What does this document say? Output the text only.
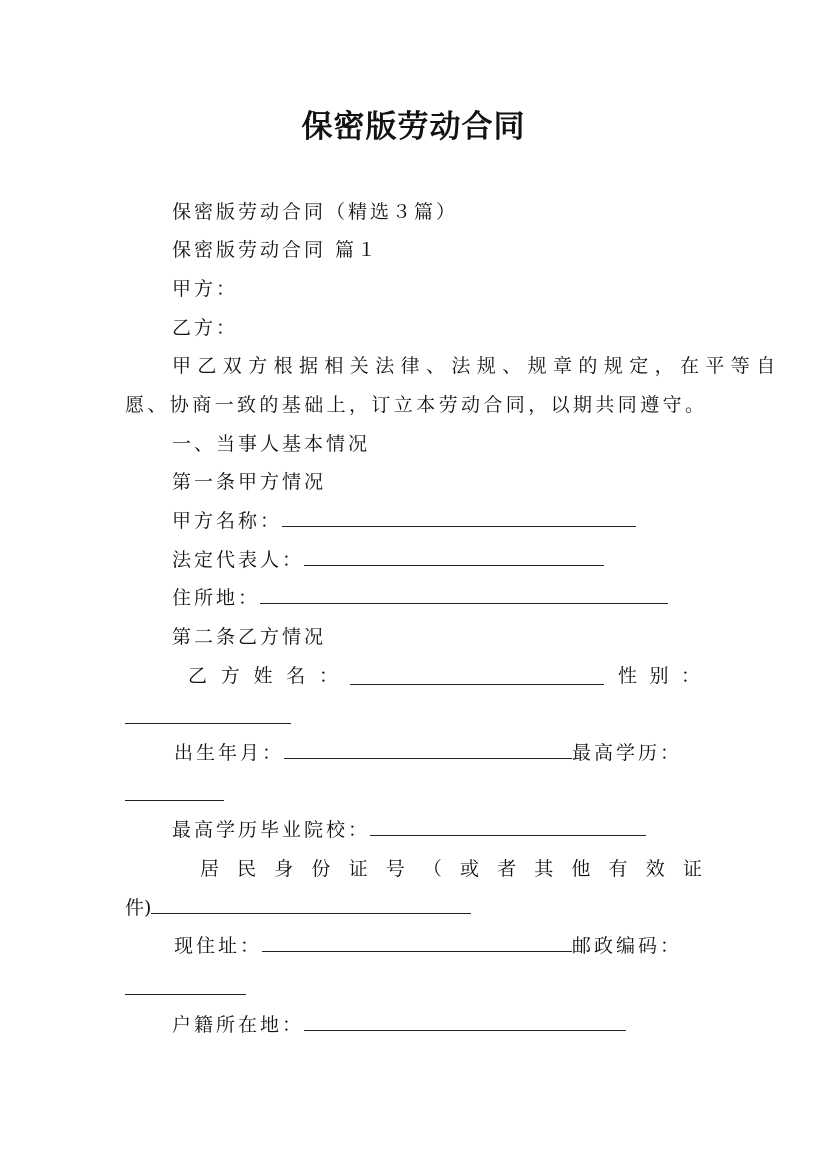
保密版劳动合同
保密版劳动合同（精选３篇）
保密版劳动合同 篇１
甲方：
乙方：
甲乙双方根据相关法律、法规、规章的规定，在平等自
愿、协商一致的基础上，订立本劳动合同，以期共同遵守。
一、当事人基本情况
第一条甲方情况
甲方名称：
法定代表人：
住所地：
第二条乙方情况
乙 方 姓 名 ：	性 别 ：
出生年月：	最高学历：
最高学历毕业院校：
居 民 身 份 证 号 （ 或 者 其 他 有 效 证
件)
现住址：	邮政编码：
户籍所在地：
